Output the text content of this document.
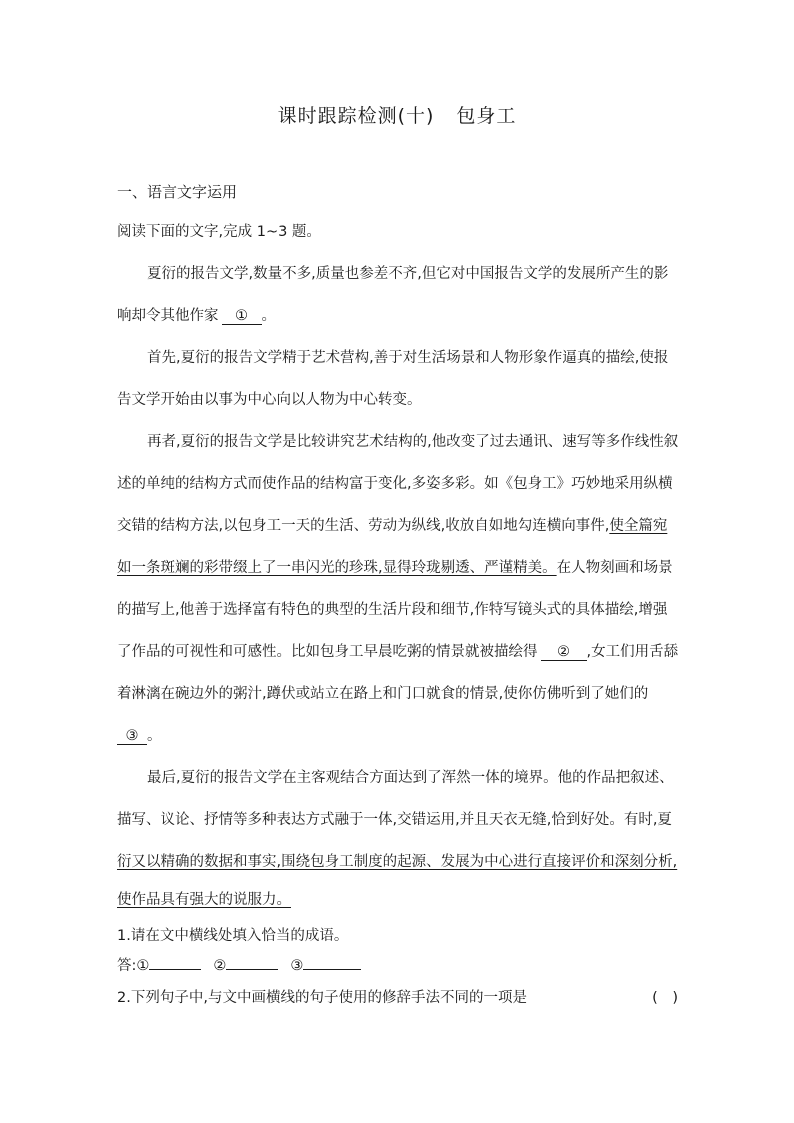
课时跟踪检测(十) 包身工
一、语言文字运用
阅读下面的文字,完成 1~3 题。
夏衍的报告文学,数量不多,质量也参差不齐,但它对中国报告文学的发展所产生的影
响却令其他作家 ① 。
首先,夏衍的报告文学精于艺术营构,善于对生活场景和人物形象作逼真的描绘,使报
告文学开始由以事为中心向以人物为中心转变。
再者,夏衍的报告文学是比较讲究艺术结构的,他改变了过去通讯、速写等多作线性叙
述的单纯的结构方式而使作品的结构富于变化,多姿多彩。如《包身工》巧妙地采用纵横
交错的结构方法,以包身工一天的生活、劳动为纵线,收放自如地勾连横向事件,使全篇宛
如一条斑斓的彩带缀上了一串闪光的珍珠,显得玲珑剔透、严谨精美。在人物刻画和场景
的描写上,他善于选择富有特色的典型的生活片段和细节,作特写镜头式的具体描绘,增强
了作品的可视性和可感性。比如包身工早晨吃粥的情景就被描绘得 ② ,女工们用舌舔
着淋漓在碗边外的粥汁,蹲伏或站立在路上和门口就食的情景,使你仿佛听到了她们的
③ 。
最后,夏衍的报告文学在主客观结合方面达到了浑然一体的境界。他的作品把叙述、
描写、议论、抒情等多种表达方式融于一体,交错运用,并且天衣无缝,恰到好处。有时,夏
衍又以精确的数据和事实,围绕包身工制度的起源、发展为中心进行直接评价和深刻分析,
使作品具有强大的说服力。
1.请在文中横线处填入恰当的成语。
答:①	②	③
2.下列句子中,与文中画横线的句子使用的修辞手法不同的一项是	(　)
